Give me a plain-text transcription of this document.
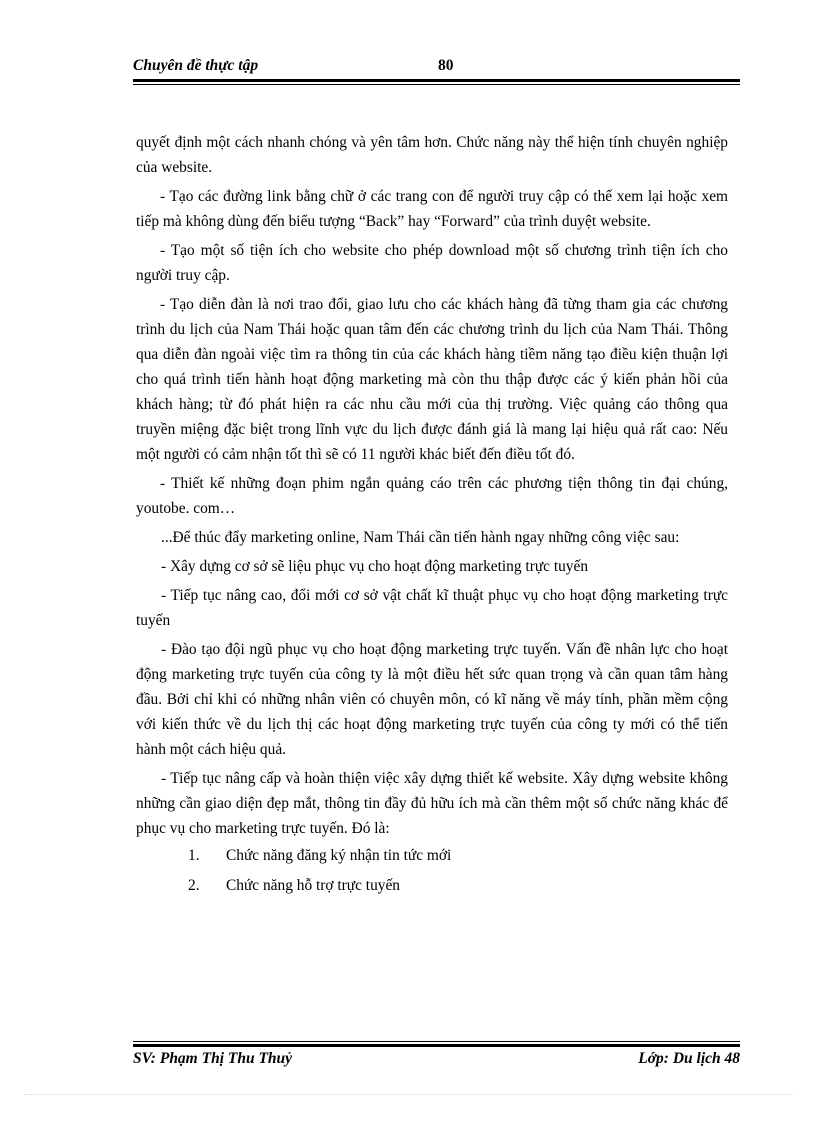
Chuyên đề thực tập	80

quyết định một cách nhanh chóng và yên tâm hơn. Chức năng này thể hiện tính chuyên nghiệp của website.

- Tạo các đường link bằng chữ ở các trang con để người truy cập có thể xem lại hoặc xem tiếp mà không dùng đến biểu tượng “Back” hay “Forward” của trình duyệt website.

- Tạo một số tiện ích cho website cho phép download một số chương trình tiện ích cho người truy cập.

- Tạo diễn đàn là nơi trao đổi, giao lưu cho các khách hàng đã từng tham gia các chương trình du lịch của Nam Thái hoặc quan tâm đến các chương trình du lịch của Nam Thái. Thông qua diễn đàn ngoài việc tìm ra thông tin của các khách hàng tiềm năng tạo điều kiện thuận lợi cho quá trình tiến hành hoạt động marketing mà còn thu thập được các ý kiến phản hồi của khách hàng; từ đó phát hiện ra các nhu cầu mới của thị trường. Việc quảng cáo thông qua truyền miệng đặc biệt trong lĩnh vực du lịch được đánh giá là mang lại hiệu quả rất cao: Nếu một người có cảm nhận tốt thì sẽ có 11 người khác biết đến điều tốt đó.

- Thiết kế những đoạn phim ngắn quảng cáo trên các phương tiện thông tin đại chúng, youtobe. com…

...Để thúc đẩy marketing online, Nam Thái cần tiến hành ngay những công việc sau:

- Xây dựng cơ sở sẽ liệu phục vụ cho hoạt động marketing trực tuyến

- Tiếp tục nâng cao, đổi mới cơ sở vật chất kĩ thuật phục vụ cho hoạt động marketing trực tuyến

- Đào tạo đội ngũ phục vụ cho hoạt động marketing trực tuyến. Vấn đề nhân lực cho hoạt động marketing trực tuyến của công ty là một điều hết sức quan trọng và cần quan tâm hàng đầu. Bởi chỉ khi có những nhân viên có chuyên môn, có kĩ năng về máy tính, phần mềm cộng với kiến thức về du lịch thị các hoạt động marketing trực tuyến của công ty mới có thể tiến hành một cách hiệu quả.

- Tiếp tục nâng cấp và hoàn thiện việc xây dựng thiết kế website. Xây dựng website không những cần giao diện đẹp mắt, thông tin đầy đủ hữu ích mà cần thêm một số chức năng khác để phục vụ cho marketing trực tuyến. Đó là:

1. Chức năng đăng ký nhận tin tức mới
2. Chức năng hỗ trợ trực tuyến
SV: Phạm Thị Thu Thuỷ	Lớp: Du lịch 48
